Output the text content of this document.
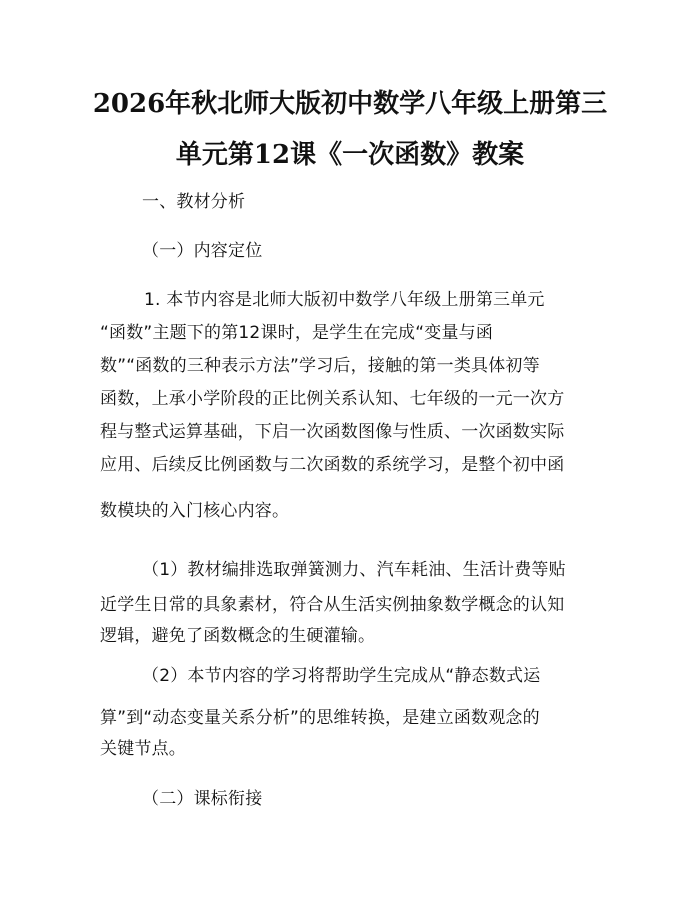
2026年秋北师大版初中数学八年级上册第三
单元第12课《一次函数》教案
一、教材分析
（一）内容定位
1. 本节内容是北师大版初中数学八年级上册第三单元
“函数”主题下的第12课时，是学生在完成“变量与函
数”“函数的三种表示方法”学习后，接触的第一类具体初等
函数，上承小学阶段的正比例关系认知、七年级的一元一次方
程与整式运算基础，下启一次函数图像与性质、一次函数实际
应用、后续反比例函数与二次函数的系统学习，是整个初中函
数模块的入门核心内容。
（1）教材编排选取弹簧测力、汽车耗油、生活计费等贴
近学生日常的具象素材，符合从生活实例抽象数学概念的认知
逻辑，避免了函数概念的生硬灌输。
（2）本节内容的学习将帮助学生完成从“静态数式运
算”到“动态变量关系分析”的思维转换，是建立函数观念的
关键节点。
（二）课标衔接
